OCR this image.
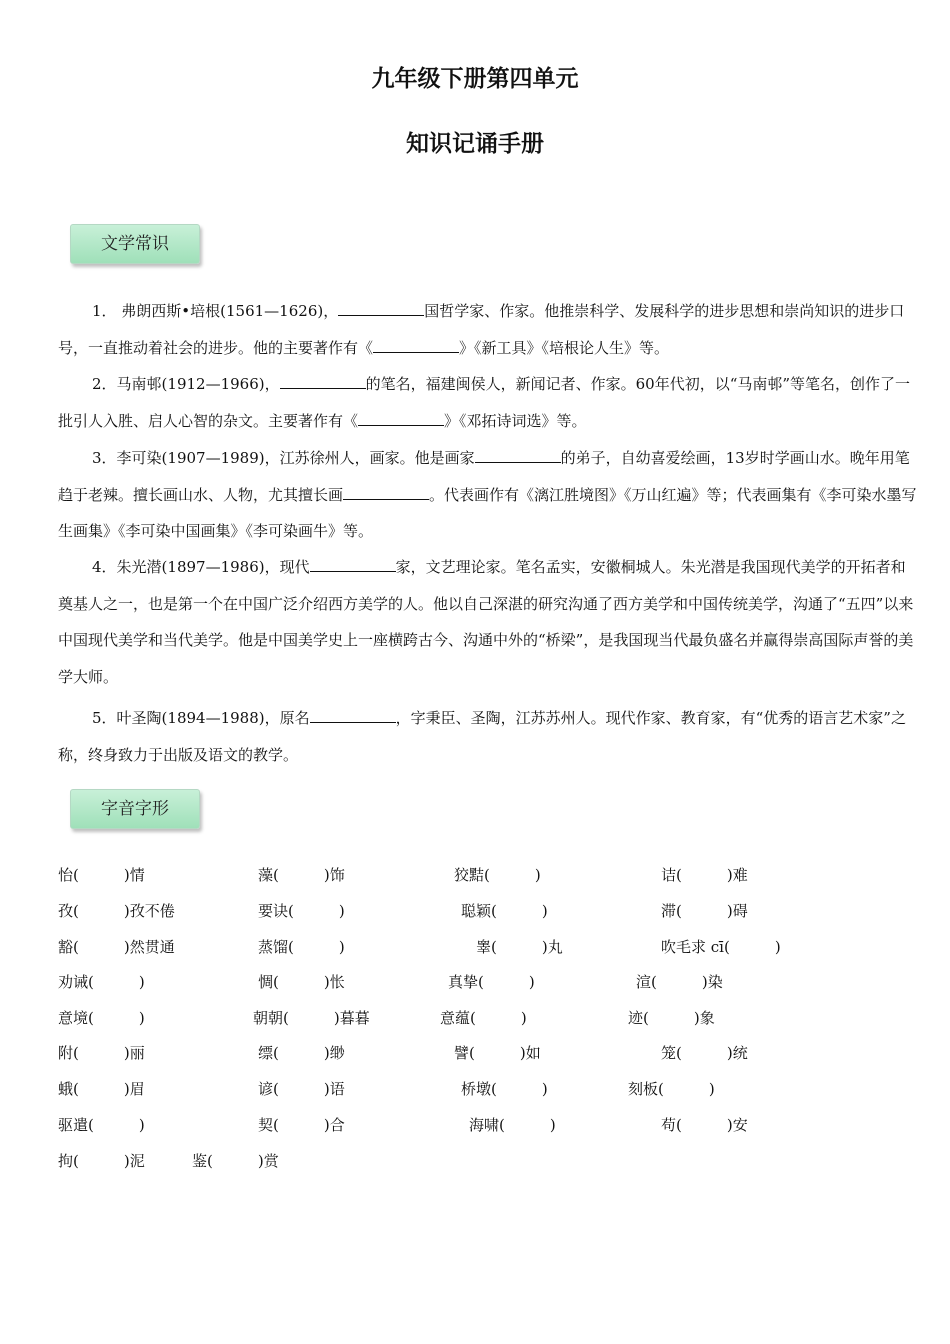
九年级下册第四单元
知识记诵手册
文学常识

1． 弗朗西斯•培根(1561—1626)，	国哲学家、作家。他推崇科学、发展科学的进步思想和崇尚知识的进步口号，一直推动着社会的进步。他的主要著作有《	》《新工具》《培根论人生》等。

2．马南邨(1912—1966)，	的笔名，福建闽侯人，新闻记者、作家。60年代初，以“马南邨”等笔名，创作了一批引人入胜、启人心智的杂文。主要著作有《	》《邓拓诗词选》等。

3．李可染(1907—1989)，江苏徐州人，画家。他是画家	的弟子，自幼喜爱绘画，13岁时学画山水。晚年用笔趋于老辣。擅长画山水、人物，尤其擅长画	。代表画作有《漓江胜境图》《万山红遍》等；代表画集有《李可染水墨写生画集》《李可染中国画集》《李可染画牛》等。

4．朱光潜(1897—1986)，现代	家，文艺理论家。笔名孟实，安徽桐城人。朱光潜是我国现代美学的开拓者和奠基人之一，也是第一个在中国广泛介绍西方美学的人。他以自己深湛的研究沟通了西方美学和中国传统美学，沟通了“五四”以来中国现代美学和当代美学。他是中国美学史上一座横跨古今、沟通中外的“桥梁”，是我国现当代最负盛名并赢得崇高国际声誉的美学大师。

5．叶圣陶(1894—1988)，原名	，字秉臣、圣陶，江苏苏州人。现代作家、教育家，有“优秀的语言艺术家”之称，终身致力于出版及语文的教学。

字音字形
怡(　　　)情	藻(　　　)饰	狡黠(　　　)	诘(　　　)难
孜(　　　)孜不倦	要诀(　　　)	聪颖(　　　)	滞(　　　)碍
豁(　　　)然贯通	蒸馏(　　　)	睾(　　　)丸	吹毛求 cī(　　　)
劝诫(　　　)	惆(　　　)怅	真挚(　　　)	渲(　　　)染
意境(　　　)	朝朝(　　　)暮暮	意蕴(　　　)	迹(　　　)象
附(　　　)丽	缥(　　　)缈	譬(　　　)如	笼(　　　)统
蛾(　　　)眉	谚(　　　)语	桥墩(　　　)	刻板(　　　)
驱遣(　　　)	契(　　　)合	海啸(　　　)	苟(　　　)安
拘(　　　)泥	鉴(　　　)赏
